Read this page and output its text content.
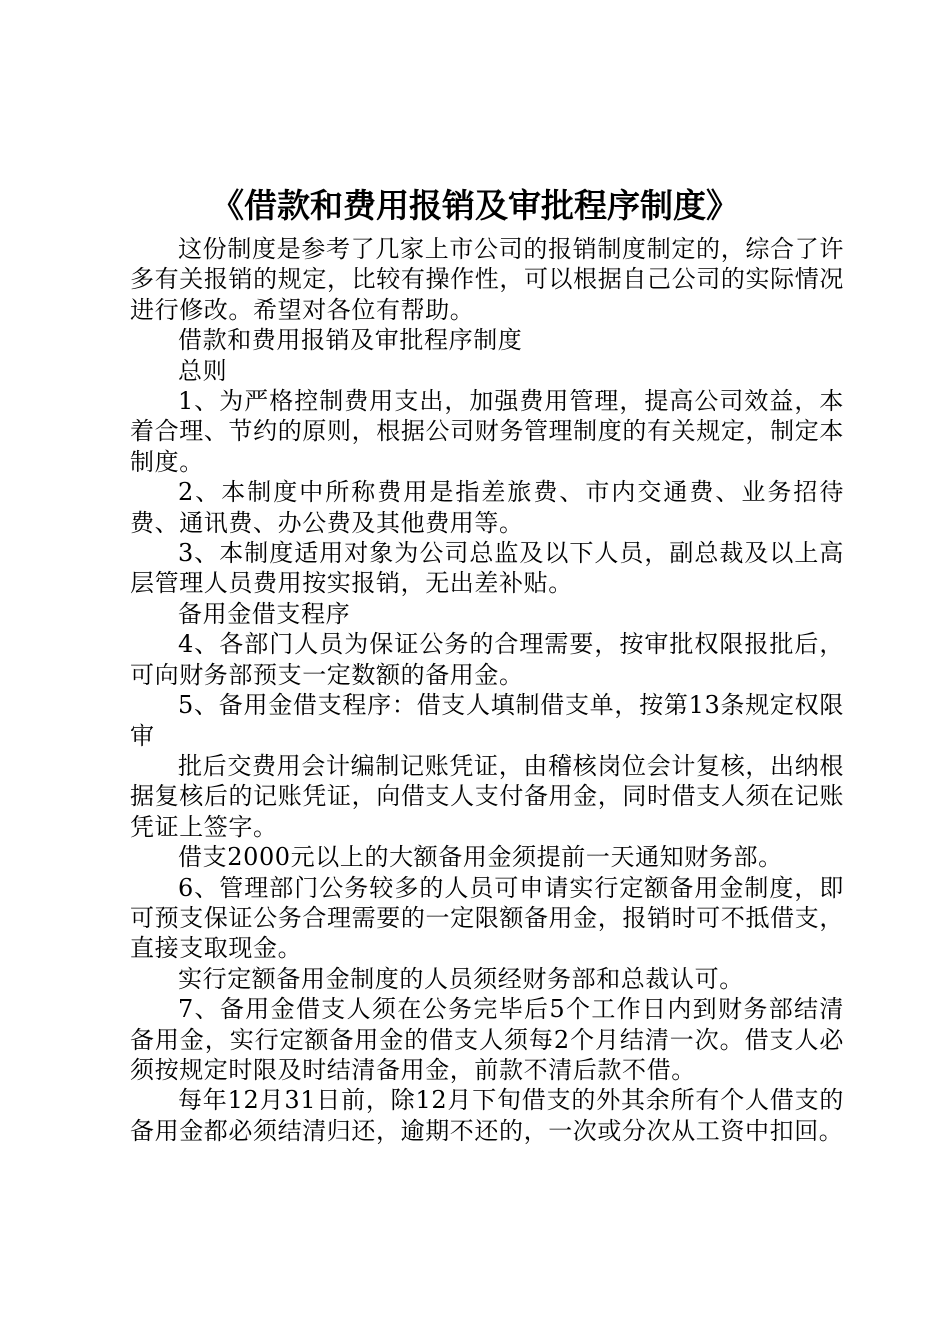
《借款和费用报销及审批程序制度》

这份制度是参考了几家上市公司的报销制度制定的，综合了许多有关报销的规定，比较有操作性，可以根据自己公司的实际情况进行修改。希望对各位有帮助。

借款和费用报销及审批程序制度

总则

1、为严格控制费用支出，加强费用管理，提高公司效益，本着合理、节约的原则，根据公司财务管理制度的有关规定，制定本制度。

2、本制度中所称费用是指差旅费、市内交通费、业务招待费、通讯费、办公费及其他费用等。

3、本制度适用对象为公司总监及以下人员，副总裁及以上高层管理人员费用按实报销，无出差补贴。

备用金借支程序

4、各部门人员为保证公务的合理需要，按审批权限报批后，可向财务部预支一定数额的备用金。

5、备用金借支程序：借支人填制借支单，按第13条规定权限审

批后交费用会计编制记账凭证，由稽核岗位会计复核，出纳根据复核后的记账凭证，向借支人支付备用金，同时借支人须在记账凭证上签字。

借支2000元以上的大额备用金须提前一天通知财务部。

6、管理部门公务较多的人员可申请实行定额备用金制度，即可预支保证公务合理需要的一定限额备用金，报销时可不抵借支，直接支取现金。

实行定额备用金制度的人员须经财务部和总裁认可。

7、备用金借支人须在公务完毕后5个工作日内到财务部结清备用金，实行定额备用金的借支人须每2个月结清一次。借支人必须按规定时限及时结清备用金，前款不清后款不借。

每年12月31日前，除12月下旬借支的外其余所有个人借支的备用金都必须结清归还，逾期不还的，一次或分次从工资中扣回。
